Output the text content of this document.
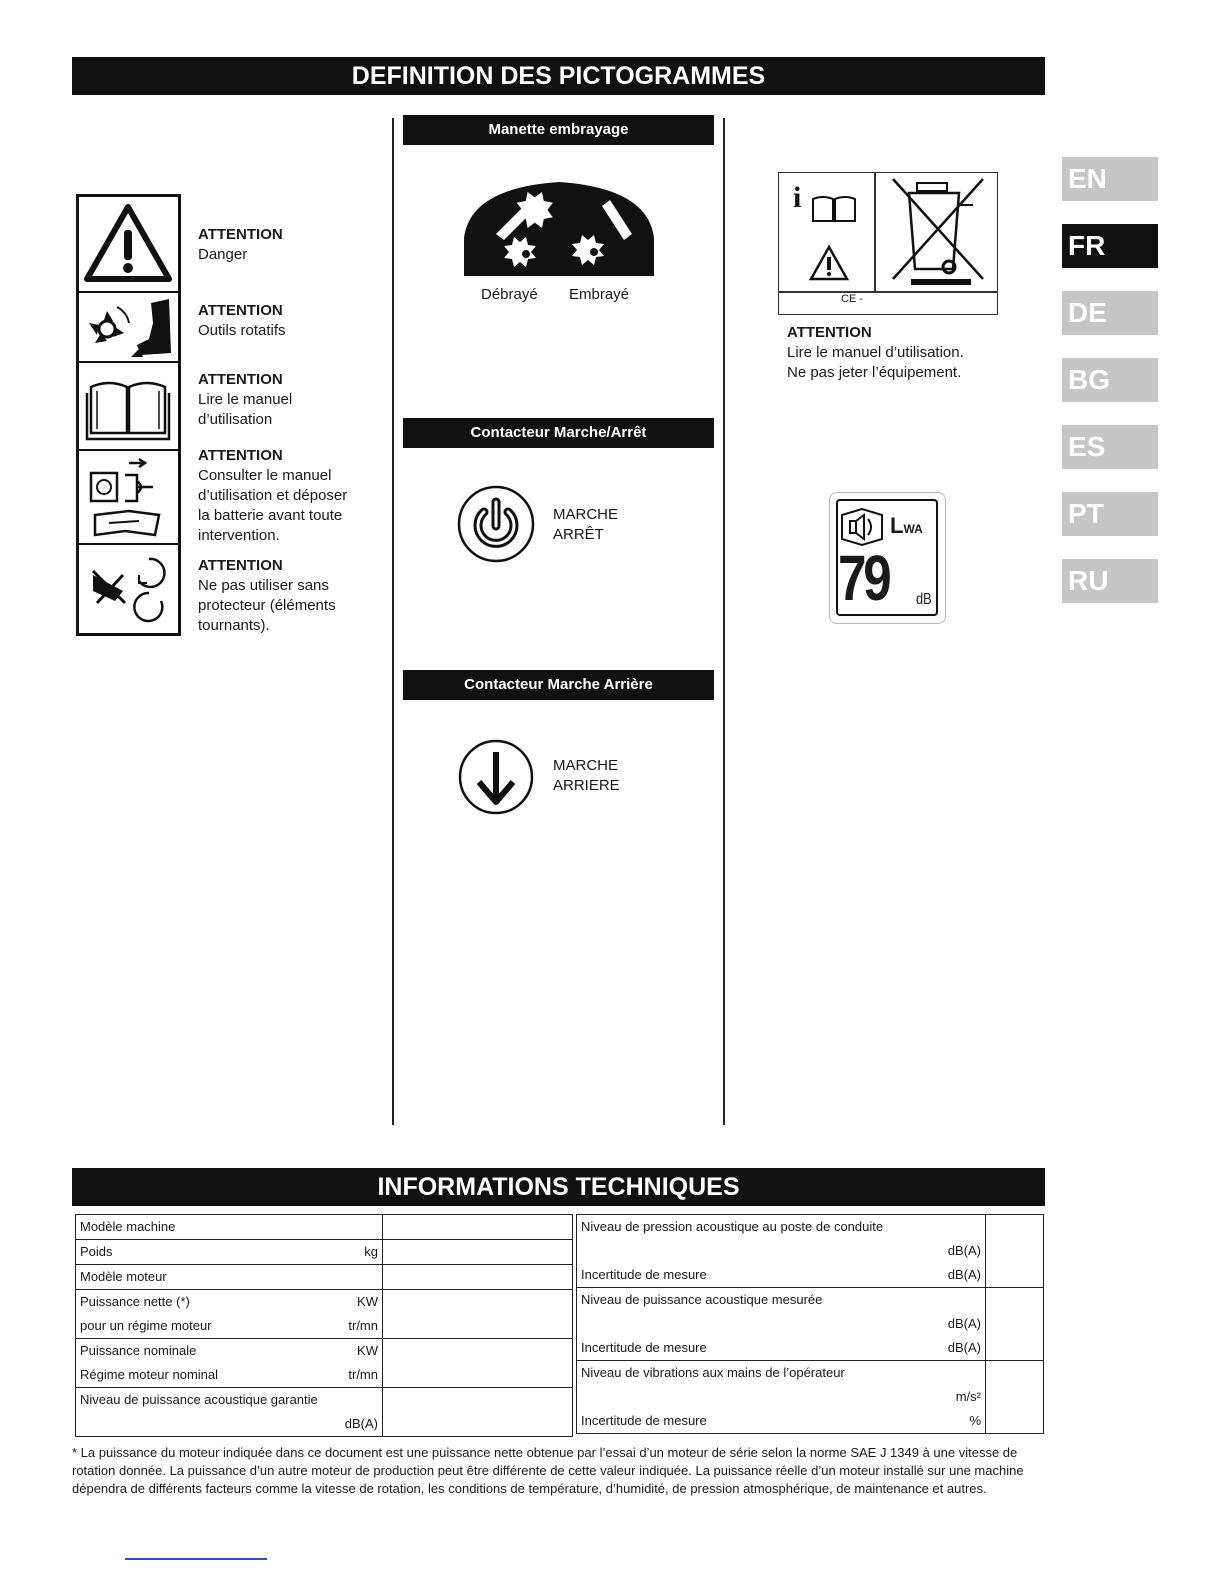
DEFINITION DES PICTOGRAMMES
ATTENTION
Danger
ATTENTION
Outils rotatifs
ATTENTION
Lire le manuel
d’utilisation
ATTENTION
Consulter le manuel
d’utilisation et déposer
la batterie avant toute
intervention.
ATTENTION
Ne pas utiliser sans
protecteur (éléments
tournants).
Manette embrayage
Débrayé Embrayé
Contacteur Marche/Arrêt
MARCHE
ARRÊT
Contacteur Marche Arrière
MARCHE
ARRIERE
i
CE -
ATTENTION
Lire le manuel d’utilisation.
Ne pas jeter l’équipement.
LWA
79 dB
EN
FR
DE
BG
ES
PT
RU
INFORMATIONS TECHNIQUES
Modèle machine	

Poids kg	

Modèle moteur	

Puissance nette (*) KW
pour un régime moteur tr/mn	

Puissance nominale KW
Régime moteur nominal tr/mn	

Niveau de puissance acoustique garantie
dB(A)	

Niveau de pression acoustique au poste de conduite
dB(A)
Incertitude de mesure dB(A)	

Niveau de puissance acoustique mesurée
dB(A)
Incertitude de mesure dB(A)	

Niveau de vibrations aux mains de l’opérateur
m/s²
Incertitude de mesure %	

* La puissance du moteur indiquée dans ce document est une puissance nette obtenue par l’essai d’un moteur de série selon la norme SAE J 1349 à une vitesse de rotation donnée. La puissance d’un autre moteur de production peut être différente de cette valeur indiquée. La puissance réelle d’un moteur installé sur une machine dépendra de différents facteurs comme la vitesse de rotation, les conditions de température, d’humidité, de pression atmosphérique, de maintenance et autres.
